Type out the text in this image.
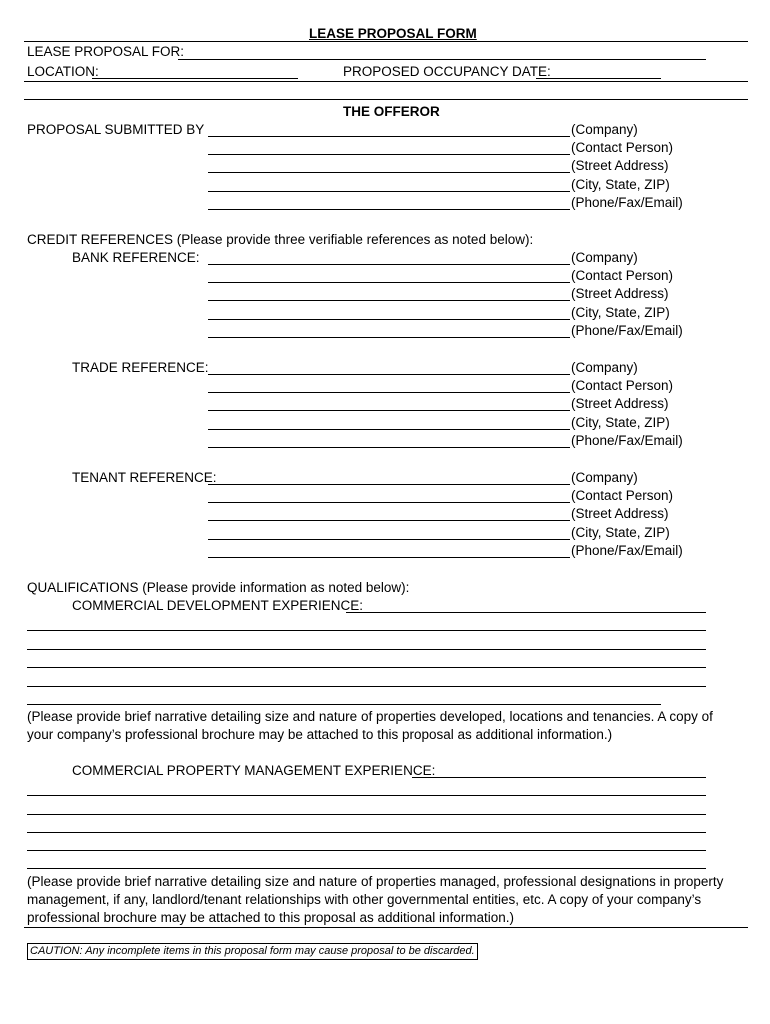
LEASE PROPOSAL FORM
LEASE PROPOSAL FOR:
LOCATION:	PROPOSED OCCUPANCY DATE:
THE OFFEROR
PROPOSAL SUBMITTED BY	(Company)
(Contact Person)
(Street Address)
(City, State, ZIP)
(Phone/Fax/Email)
CREDIT REFERENCES (Please provide three verifiable references as noted below):
BANK REFERENCE:	(Company)
(Contact Person)
(Street Address)
(City, State, ZIP)
(Phone/Fax/Email)
TRADE REFERENCE:	(Company)
(Contact Person)
(Street Address)
(City, State, ZIP)
(Phone/Fax/Email)
TENANT REFERENCE:	(Company)
(Contact Person)
(Street Address)
(City, State, ZIP)
(Phone/Fax/Email)
QUALIFICATIONS (Please provide information as noted below):
COMMERCIAL DEVELOPMENT EXPERIENCE:
(Please provide brief narrative detailing size and nature of properties developed, locations and tenancies. A copy of your company’s professional brochure may be attached to this proposal as additional information.)
COMMERCIAL PROPERTY MANAGEMENT EXPERIENCE:
(Please provide brief narrative detailing size and nature of properties managed, professional designations in property management, if any, landlord/tenant relationships with other governmental entities, etc. A copy of your company’s professional brochure may be attached to this proposal as additional information.)
CAUTION: Any incomplete items in this proposal form may cause proposal to be discarded.
